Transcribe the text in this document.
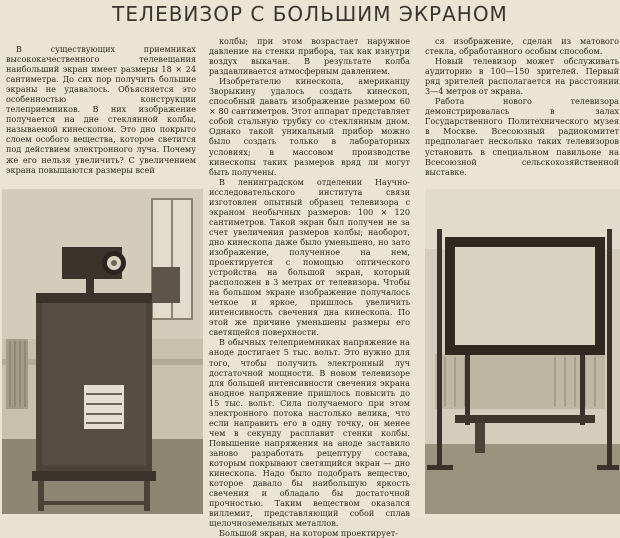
ТЕЛЕВИЗОР С БОЛЬШИМ ЭКРАНОМ

В существующих приемниках высококачественного телевещания наибольший экран имеет размеры 18 × 24 сантиметра. До сих пор получить большие экраны не удавалось. Объясняется это особенностью конструкции телеприемников. В них изображение получается на дне стеклянной колбы, называемой кинескопом. Это дно покрыто слоем особого вещества, которое светится под действием электронного луча. Почему же его нельзя увеличить? С увеличением экрана повышаются размеры всей

колбы; при этом возрастает наружное давление на стенки прибора, так как изнутри воздух выкачан. В результате колба раздавливается атмосферным давлением.

Изобретателю кинескопа, американцу Зворыкину удалось создать кинескоп, способный давать изображение размером 60 × 80 сантиметров. Этот аппарат представляет собой стальную трубку со стеклянным дном. Однако такой уникальный прибор можно было создать только в лабораторных условиях; в массовом производстве кинескопы таких размеров вряд ли могут быть получены.

В ленинградском отделении Научно-исследовательского института связи изготовлен опытный образец телевизора с экраном необычных размеров: 100 × 120 сантиметров. Такой экран был получен не за счет увеличения размеров колбы; наоборот, дно кинескопа даже было уменьшено, но зато изображение, полученное на нем, проектируется с помощью оптического устройства на большой экран, который расположен в 3 метрах от телевизора. Чтобы на большом экране изображение получалось четкое и яркое, пришлось увеличить интенсивность свечения дна кинескопа. По этой же причине уменьшены размеры его светящейся поверхности.

В обычных телеприемниках напряжение на аноде достигает 5 тыс. вольт. Это нужно для того, чтобы получить электронный луч достаточной мощности. В новом телевизоре для большей интенсивности свечения экрана анодное напряжение пришлось повысить до 15 тыс. вольт. Сила получаемого при этом электронного потока настолько велика, что если направить его в одну точку, он менее чем в секунду расплавит стенки колбы. Повышение напряжения на аноде заставило заново разработать рецептуру состава, которым покрывают светящийся экран — дно кинескопа. Надо было подобрать вещество, которое давало бы наибольшую яркость свечения и обладало бы достаточной прочностью. Таким веществом оказался виллемит, представляющий собой сплав щелочноземельных металлов.

Большой экран, на котором проектирует-

ся изображение, сделан из матового стекла, обработанного особым способом.

Новый телевизор может обслуживать аудиторию в 100—150 зрителей. Первый ряд зрителей располагается на расстоянии 3—4 метров от экрана.

Работа нового телевизора демонстрировалась в залах Государственного Политехнического музея в Москве. Всесоюзный радиокомитет предполагает несколько таких телевизоров установить в специальном павильоне на Всесоюзной сельскохозяйственной выставке.
